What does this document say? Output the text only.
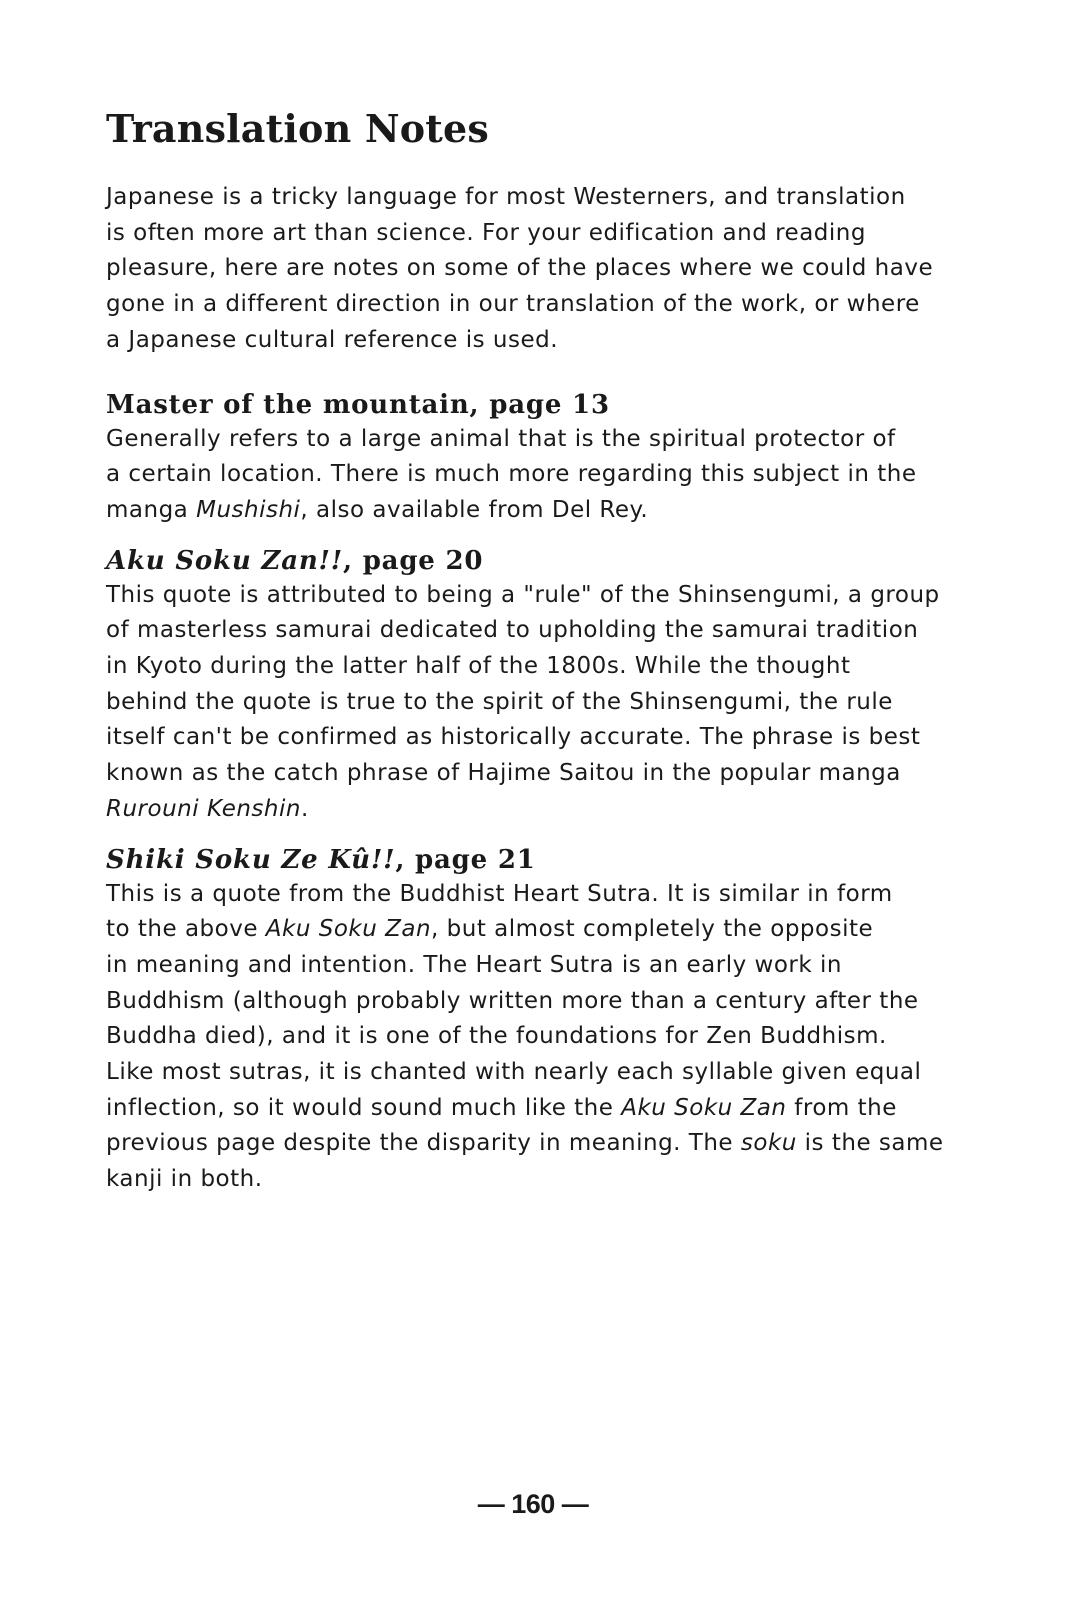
Translation Notes

Japanese is a tricky language for most Westerners, and translation
is often more art than science. For your edification and reading
pleasure, here are notes on some of the places where we could have
gone in a different direction in our translation of the work, or where
a Japanese cultural reference is used.

Master of the mountain, page 13

Generally refers to a large animal that is the spiritual protector of
a certain location. There is much more regarding this subject in the
manga Mushishi, also available from Del Rey.

Aku Soku Zan!!, page 20

This quote is attributed to being a "rule" of the Shinsengumi, a group
of masterless samurai dedicated to upholding the samurai tradition
in Kyoto during the latter half of the 1800s. While the thought
behind the quote is true to the spirit of the Shinsengumi, the rule
itself can't be confirmed as historically accurate. The phrase is best
known as the catch phrase of Hajime Saitou in the popular manga
Rurouni Kenshin.

Shiki Soku Ze Kû!!, page 21

This is a quote from the Buddhist Heart Sutra. It is similar in form
to the above Aku Soku Zan, but almost completely the opposite
in meaning and intention. The Heart Sutra is an early work in
Buddhism (although probably written more than a century after the
Buddha died), and it is one of the foundations for Zen Buddhism.
Like most sutras, it is chanted with nearly each syllable given equal
inflection, so it would sound much like the Aku Soku Zan from the
previous page despite the disparity in meaning. The soku is the same
kanji in both.

— 160 —
